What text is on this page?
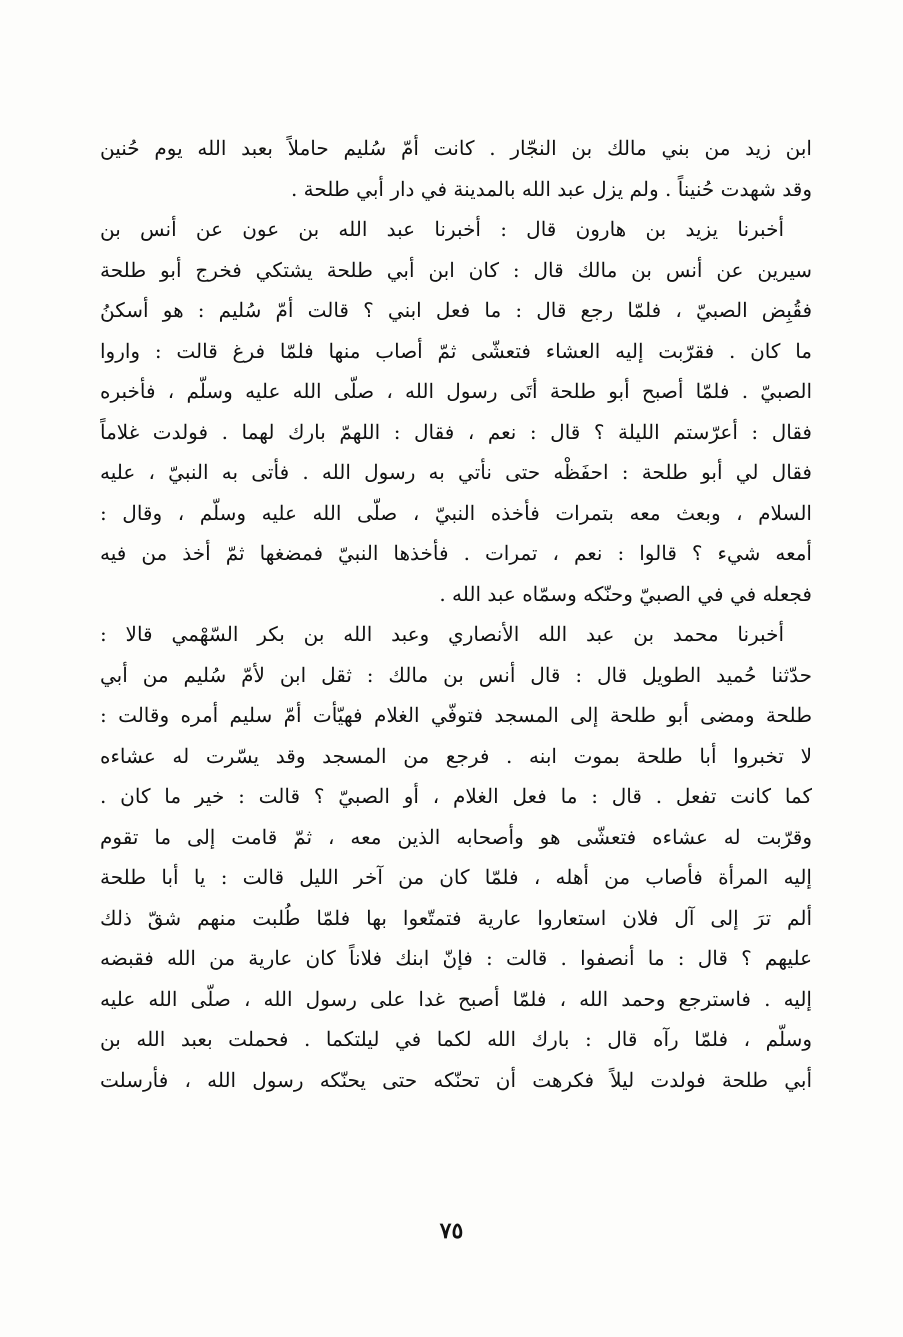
ابن زيد من بني مالك بن النجّار . كانت أمّ سُليم حاملاً بعبد الله يوم حُنين
وقد شهدت حُنيناً . ولم يزل عبد الله بالمدينة في دار أبي طلحة .
أخبرنا يزيد بن هارون قال : أخبرنا عبد الله بن عون عن أنس بن
سيرين عن أنس بن مالك قال : كان ابن أبي طلحة يشتكي فخرج أبو طلحة
فقُبِض الصبيّ ، فلمّا رجع قال : ما فعل ابني ؟ قالت أمّ سُليم : هو أسكنُ
ما كان . فقرّبت إليه العشاء فتعشّى ثمّ أصاب منها فلمّا فرغ قالت : واروا
الصبيّ . فلمّا أصبح أبو طلحة أتَى رسول الله ، صلّى الله عليه وسلّم ، فأخبره
فقال : أعرّستم الليلة ؟ قال : نعم ، فقال : اللهمّ بارك لهما . فولدت غلاماً
فقال لي أبو طلحة : احفَظْه حتى نأتي به رسول الله . فأتى به النبيّ ، عليه
السلام ، وبعث معه بتمرات فأخذه النبيّ ، صلّى الله عليه وسلّم ، وقال :
أمعه شيء ؟ قالوا : نعم ، تمرات . فأخذها النبيّ فمضغها ثمّ أخذ من فيه
فجعله في في الصبيّ وحنّكه وسمّاه عبد الله .
أخبرنا محمد بن عبد الله الأنصاري وعبد الله بن بكر السّهْمي قالا :
حدّثنا حُميد الطويل قال : قال أنس بن مالك : ثقل ابن لأمّ سُليم من أبي
طلحة ومضى أبو طلحة إلى المسجد فتوفّي الغلام فهيّأت أمّ سليم أمره وقالت :
لا تخبروا أبا طلحة بموت ابنه . فرجع من المسجد وقد يسّرت له عشاءه
كما كانت تفعل . قال : ما فعل الغلام ، أو الصبيّ ؟ قالت : خير ما كان .
وقرّبت له عشاءه فتعشّى هو وأصحابه الذين معه ، ثمّ قامت إلى ما تقوم
إليه المرأة فأصاب من أهله ، فلمّا كان من آخر الليل قالت : يا أبا طلحة
ألم ترَ إلى آل فلان استعاروا عارية فتمتّعوا بها فلمّا طُلبت منهم شقّ ذلك
عليهم ؟ قال : ما أنصفوا . قالت : فإنّ ابنك فلاناً كان عارية من الله فقبضه
إليه . فاسترجع وحمد الله ، فلمّا أصبح غدا على رسول الله ، صلّى الله عليه
وسلّم ، فلمّا رآه قال : بارك الله لكما في ليلتكما . فحملت بعبد الله بن
أبي طلحة فولدت ليلاً فكرهت أن تحنّكه حتى يحنّكه رسول الله ، فأرسلت
٧٥
